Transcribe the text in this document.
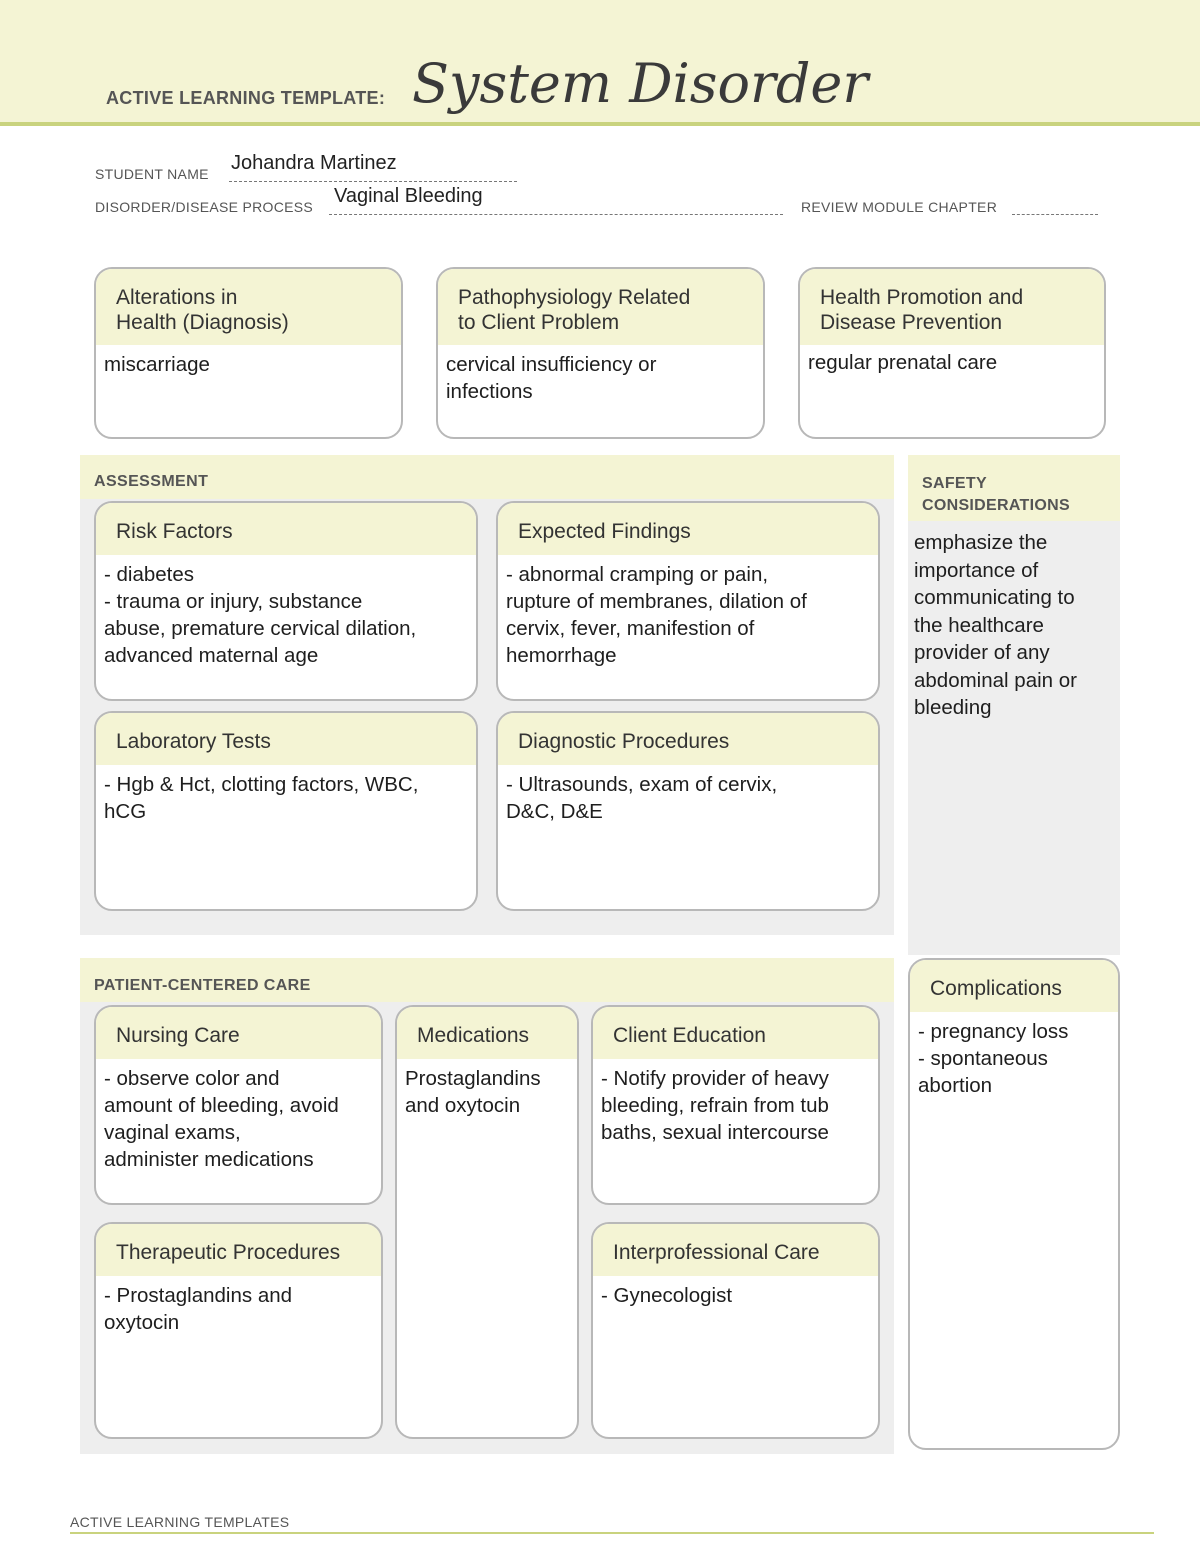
ACTIVE LEARNING TEMPLATE: System Disorder
STUDENT NAME Johandra Martinez
DISORDER/DISEASE PROCESS Vaginal Bleeding	REVIEW MODULE CHAPTER
Alterations in
Health (Diagnosis)
miscarriage
Pathophysiology Related
to Client Problem
cervical insufficiency or
infections
Health Promotion and
Disease Prevention
regular prenatal care
ASSESSMENT
Risk Factors
- diabetes
- trauma or injury, substance
abuse, premature cervical dilation,
advanced maternal age
Expected Findings
- abnormal cramping or pain,
rupture of membranes, dilation of
cervix, fever, manifestion of
hemorrhage
Laboratory Tests
- Hgb & Hct, clotting factors, WBC,
hCG
Diagnostic Procedures
- Ultrasounds, exam of cervix,
D&C, D&E
SAFETY
CONSIDERATIONS
emphasize the
importance of
communicating to
the healthcare
provider of any
abdominal pain or
bleeding
PATIENT-CENTERED CARE
Nursing Care
- observe color and
amount of bleeding, avoid
vaginal exams,
administer medications
Medications
Prostaglandins
and oxytocin
Client Education
- Notify provider of heavy
bleeding, refrain from tub
baths, sexual intercourse
Therapeutic Procedures
- Prostaglandins and
oxytocin
Interprofessional Care
- Gynecologist
Complications
- pregnancy loss
- spontaneous
abortion
ACTIVE LEARNING TEMPLATES
